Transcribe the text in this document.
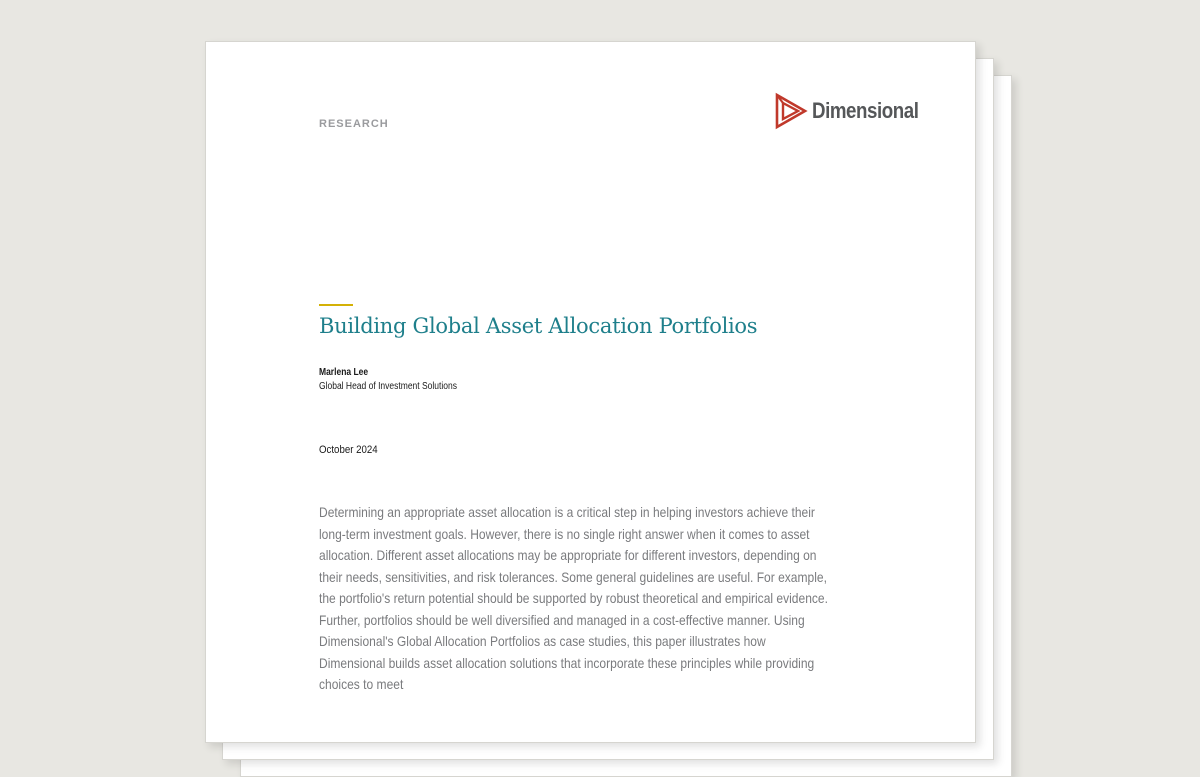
RESEARCH
Dimensional
Building Global Asset Allocation Portfolios
Marlena Lee
Global Head of Investment Solutions
October 2024

Determining an appropriate asset allocation is a critical step in helping investors achieve their long-term investment goals. However, there is no single right answer when it comes to asset allocation. Different asset allocations may be appropriate for different investors, depending on their needs, sensitivities, and risk tolerances. Some general guidelines are useful. For example, the portfolio's return potential should be supported by robust theoretical and empirical evidence. Further, portfolios should be well diversified and managed in a cost-effective manner. Using Dimensional's Global Allocation Portfolios as case studies, this paper illustrates how Dimensional builds asset allocation solutions that incorporate these principles while providing choices to meet
